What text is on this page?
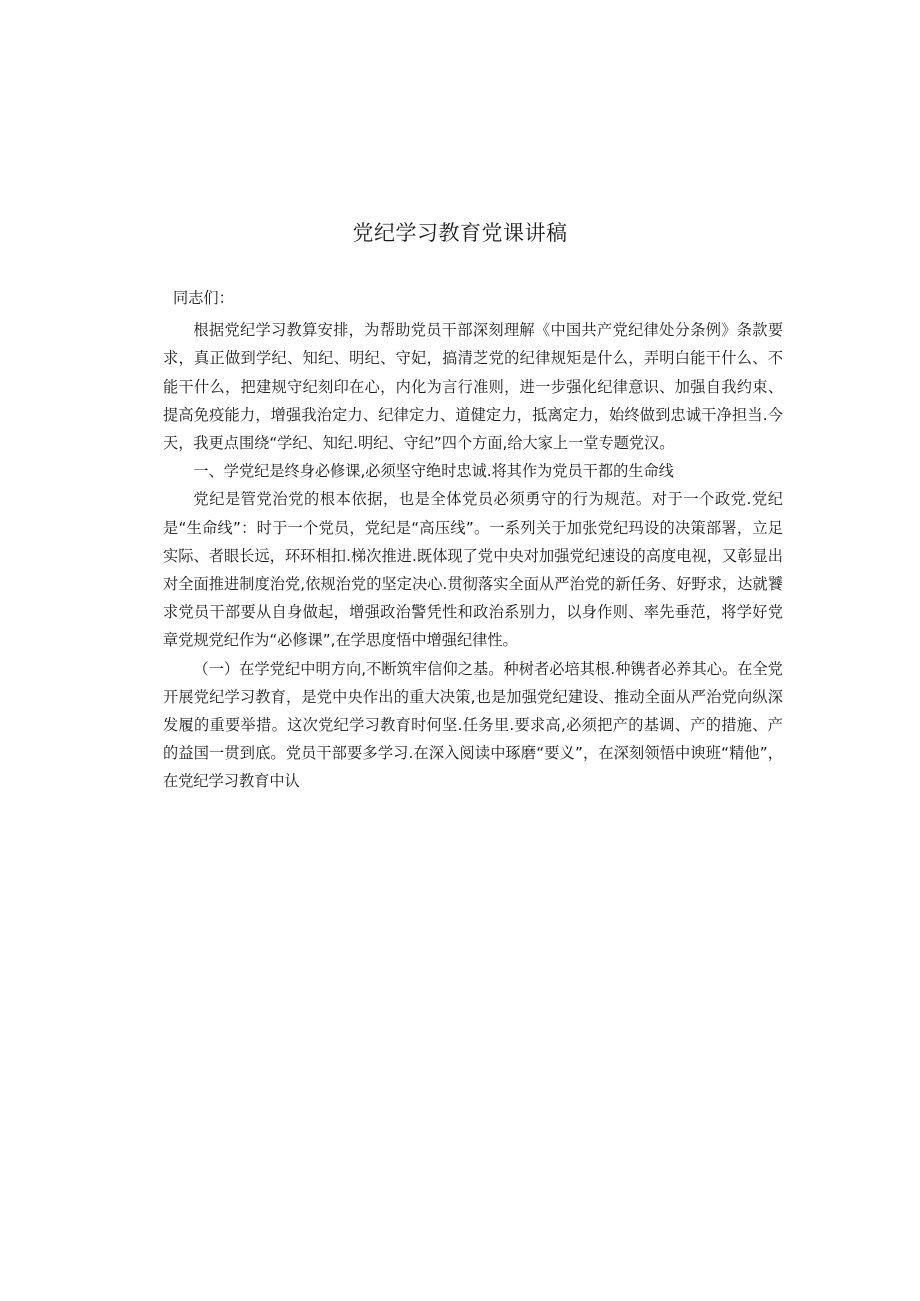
党纪学习教育党课讲稿

同志们：

根据党纪学习教算安排，为帮助党员干部深刻理解《中国共产党纪律处分条例》条款要求，真正做到学纪、知纪、明纪、守妃，搞清芝党的纪律规矩是什么，弄明白能干什么、不能干什么，把建规守纪刻印在心，内化为言行准则，进一步强化纪律意识、加强自我约束、提高免疫能力，增强我治定力、纪律定力、道健定力，抵离定力，始终做到忠诚干净担当.今天，我更点围绕“学纪、知纪.明纪、守纪”四个方面,给大家上一堂专题党汉。

一、学党纪是终身必修课,必须坚守绝时忠诚.将其作为党员干都的生命线

党纪是管党治党的根本依据，也是全体党员必须勇守的行为规范。对于一个政党.党纪是“生命线”：时于一个党员，党纪是“高压线”。一系列关于加张党纪玛设的决策部署，立足实际、者眼长远，环环相扣.梯次推进.既体现了党中央对加强党纪速设的高度电视，又彰显出对全面推进制度治党,依规治党的坚定决心.贯彻落实全面从严治党的新任务、好野求，达就饕求党员干部要从自身做起，增强政治警凭性和政治系别力，以身作则、率先垂范，将学好党章党规党纪作为“必修课”,在学思度悟中增强纪律性。

（一）在学党纪中明方向,不断筑牢信仰之基。种树者必培其根.种镌者必养其心。在全党开展党纪学习教育，是党中央作出的重大决策,也是加强党纪建设、推动全面从严治党向纵深发履的重要举措。这次党纪学习教育时何坚.任务里.要求高,必须把产的基调、产的措施、产的益国一贯到底。党员干部要多学习.在深入阅读中琢磨“要义”，在深刻领悟中谀班“精他”，在党纪学习教育中认
